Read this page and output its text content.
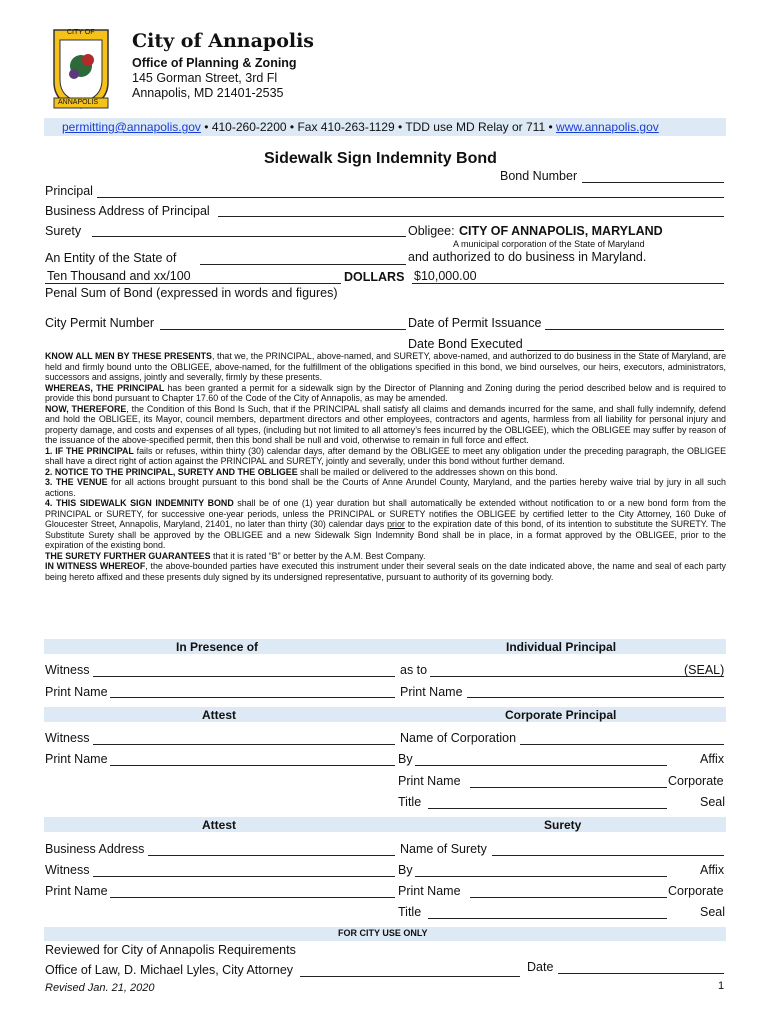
CITY OF
ANNAPOLIS
City of Annapolis
Office of Planning & Zoning
145 Gorman Street, 3rd Fl
Annapolis, MD 21401-2535
permitting@annapolis.gov • 410-260-2200 • Fax 410-263-1129 • TDD use MD Relay or 711 • www.annapolis.gov
Sidewalk Sign Indemnity Bond
Bond Number
Principal
Business Address of Principal
Surety	Obligee: CITY OF ANNAPOLIS, MARYLAND
A municipal corporation of the State of Maryland
An Entity of the State of	and authorized to do business in Maryland.
Ten Thousand and xx/100	DOLLARS $10,000.00
Penal Sum of Bond (expressed in words and figures)
City Permit Number	Date of Permit Issuance
Date Bond Executed

KNOW ALL MEN BY THESE PRESENTS, that we, the PRINCIPAL, above-named, and SURETY, above-named, and authorized to do business in the State of Maryland, are held and firmly bound unto the OBLIGEE, above-named, for the fulfillment of the obligations specified in this bond, we bind ourselves, our heirs, executors, administrators, successors and assigns, jointly and severally, firmly by these presents.

WHEREAS, THE PRINCIPAL has been granted a permit for a sidewalk sign by the Director of Planning and Zoning during the period described below and is required to provide this bond pursuant to Chapter 17.60 of the Code of the City of Annapolis, as may be amended.

NOW, THEREFORE, the Condition of this Bond Is Such, that if the PRINCIPAL shall satisfy all claims and demands incurred for the same, and shall fully indemnify, defend and hold the OBLIGEE, its Mayor, council members, department directors and other employees, contractors and agents, harmless from all liability for personal injury and property damage, and costs and expenses of all types, (including but not limited to all attorney’s fees incurred by the OBLIGEE), which the OBLIGEE may suffer by reason of the issuance of the above-specified permit, then this bond shall be null and void, otherwise to remain in full force and effect.

1. IF THE PRINCIPAL fails or refuses, within thirty (30) calendar days, after demand by the OBLIGEE to meet any obligation under the preceding paragraph, the OBLIGEE shall have a direct right of action against the PRINCIPAL and SURETY, jointly and severally, under this bond without further demand.

2. NOTICE TO THE PRINCIPAL, SURETY AND THE OBLIGEE shall be mailed or delivered to the addresses shown on this bond.

3. THE VENUE for all actions brought pursuant to this bond shall be the Courts of Anne Arundel County, Maryland, and the parties hereby waive trial by jury in all such actions.

4. THIS SIDEWALK SIGN INDEMNITY BOND shall be of one (1) year duration but shall automatically be extended without notification to or a new bond form from the PRINCIPAL or SURETY, for successive one-year periods, unless the PRINCIPAL or SURETY notifies the OBLIGEE by certified letter to the City Attorney, 160 Duke of Gloucester Street, Annapolis, Maryland, 21401, no later than thirty (30) calendar days prior to the expiration date of this bond, of its intention to substitute the SURETY. The Substitute Surety shall be approved by the OBLIGEE and a new Sidewalk Sign Indemnity Bond shall be in place, in a format approved by the OBLIGEE, prior to the expiration of the existing bond.

THE SURETY FURTHER GUARANTEES that it is rated “B” or better by the A.M. Best Company.

IN WITNESS WHEREOF, the above-bounded parties have executed this instrument under their several seals on the date indicated above, the name and seal of each party being hereto affixed and these presents duly signed by its undersigned representative, pursuant to authority of its governing body.

In Presence of	Individual Principal
Witness	as to	(SEAL)
Print Name	Print Name
Attest	Corporate Principal
Witness	Name of Corporation
Print Name	By	Affix
Print Name	Corporate
Title	Seal
Attest	Surety
Business Address	Name of Surety
Witness	By	Affix
Print Name	Print Name	Corporate
Title	Seal
FOR CITY USE ONLY
Reviewed for City of Annapolis Requirements
Office of Law, D. Michael Lyles, City Attorney	Date
Revised Jan. 21, 2020	1
